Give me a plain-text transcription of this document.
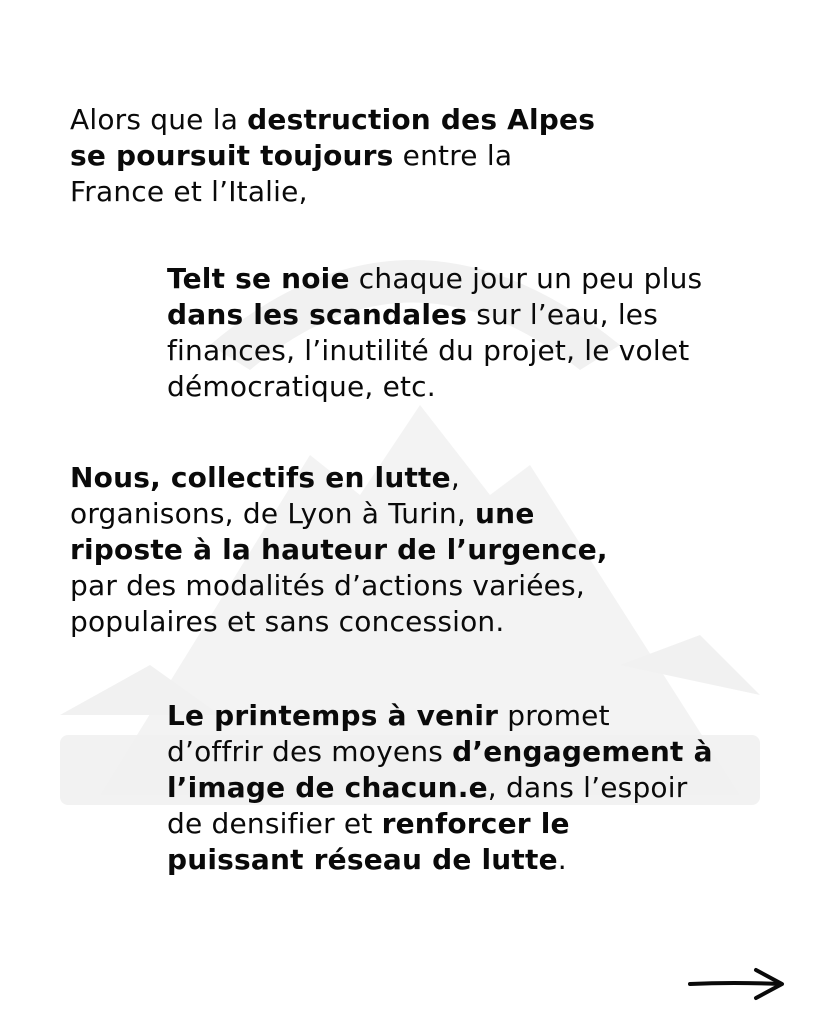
Alors que la destruction des Alpes
se poursuit toujours entre la
France et l’Italie,

Telt se noie chaque jour un peu plus
dans les scandales sur l’eau, les
finances, l’inutilité du projet, le volet
démocratique, etc.

Nous, collectifs en lutte,
organisons, de Lyon à Turin, une
riposte à la hauteur de l’urgence,
par des modalités d’actions variées,
populaires et sans concession.

Le printemps à venir promet
d’offrir des moyens d’engagement à
l’image de chacun.e, dans l’espoir
de densifier et renforcer le
puissant réseau de lutte.
